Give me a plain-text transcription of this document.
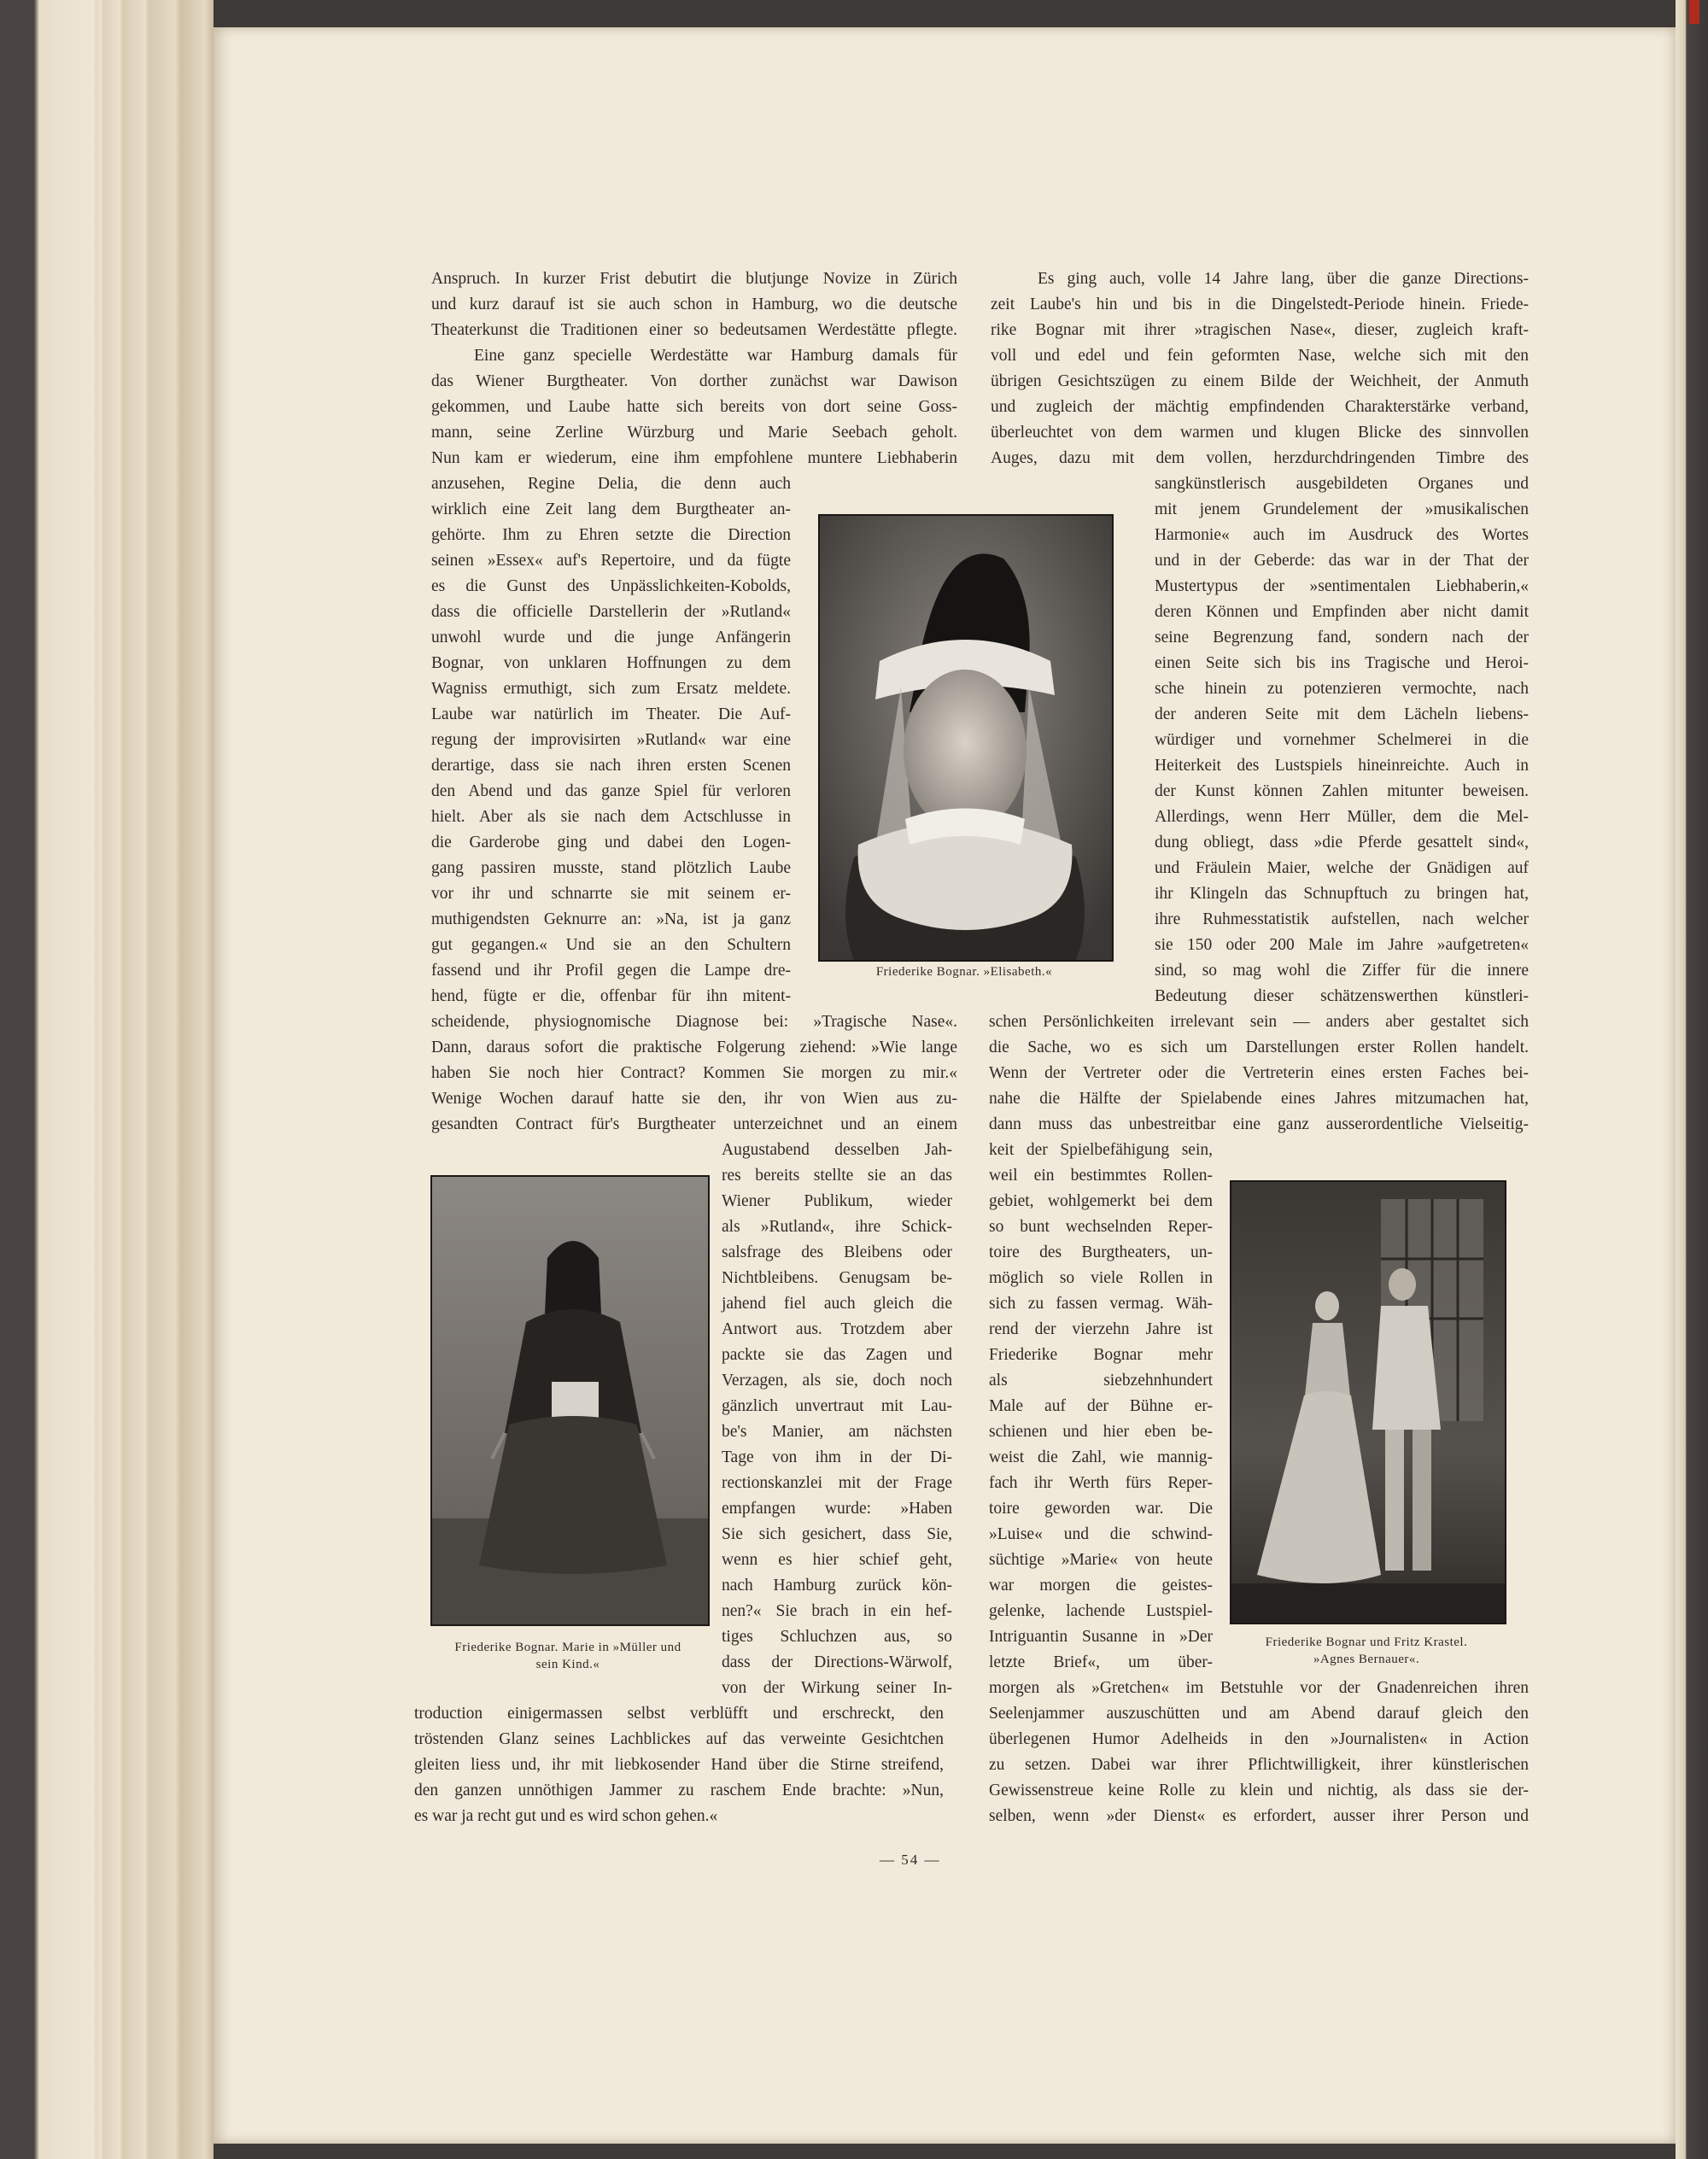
Friederike Bognar. »Elisabeth.«
Friederike Bognar. Marie in »Müller und
sein Kind.«
Friederike Bognar und Fritz Krastel.
»Agnes Bernauer«.
Anspruch. In kurzer Frist debutirt die blutjunge Novize in Zürich
und kurz darauf ist sie auch schon in Hamburg, wo die deutsche
Theaterkunst die Traditionen einer so bedeutsamen Werdestätte pflegte.
Eine ganz specielle Werdestätte war Hamburg damals für
das Wiener Burgtheater. Von dorther zunächst war Dawison
gekommen, und Laube hatte sich bereits von dort seine Goss-
mann, seine Zerline Würzburg und Marie Seebach geholt.
Nun kam er wiederum, eine ihm empfohlene muntere Liebhaberin
anzusehen, Regine Delia, die denn auch
wirklich eine Zeit lang dem Burgtheater an-
gehörte. Ihm zu Ehren setzte die Direction
seinen »Essex« auf's Repertoire, und da fügte
es die Gunst des Unpässlichkeiten-Kobolds,
dass die officielle Darstellerin der »Rutland«
unwohl wurde und die junge Anfängerin
Bognar, von unklaren Hoffnungen zu dem
Wagniss ermuthigt, sich zum Ersatz meldete.
Laube war natürlich im Theater. Die Auf-
regung der improvisirten »Rutland« war eine
derartige, dass sie nach ihren ersten Scenen
den Abend und das ganze Spiel für verloren
hielt. Aber als sie nach dem Actschlusse in
die Garderobe ging und dabei den Logen-
gang passiren musste, stand plötzlich Laube
vor ihr und schnarrte sie mit seinem er-
muthigendsten Geknurre an: »Na, ist ja ganz
gut gegangen.« Und sie an den Schultern
fassend und ihr Profil gegen die Lampe dre-
hend, fügte er die, offenbar für ihn mitent-
scheidende, physiognomische Diagnose bei: »Tragische Nase«.
Dann, daraus sofort die praktische Folgerung ziehend: »Wie lange
haben Sie noch hier Contract? Kommen Sie morgen zu mir.«
Wenige Wochen darauf hatte sie den, ihr von Wien aus zu-
gesandten Contract für's Burgtheater unterzeichnet und an einem
Augustabend desselben Jah-
res bereits stellte sie an das
Wiener Publikum, wieder
als »Rutland«, ihre Schick-
salsfrage des Bleibens oder
Nichtbleibens. Genugsam be-
jahend fiel auch gleich die
Antwort aus. Trotzdem aber
packte sie das Zagen und
Verzagen, als sie, doch noch
gänzlich unvertraut mit Lau-
be's Manier, am nächsten
Tage von ihm in der Di-
rectionskanzlei mit der Frage
empfangen wurde: »Haben
Sie sich gesichert, dass Sie,
wenn es hier schief geht,
nach Hamburg zurück kön-
nen?« Sie brach in ein hef-
tiges Schluchzen aus, so
dass der Directions-Wärwolf,
von der Wirkung seiner In-
troduction einigermassen selbst verblüfft und erschreckt, den
tröstenden Glanz seines Lachblickes auf das verweinte Gesichtchen
gleiten liess und, ihr mit liebkosender Hand über die Stirne streifend,
den ganzen unnöthigen Jammer zu raschem Ende brachte: »Nun,
es war ja recht gut und es wird schon gehen.«
Es ging auch, volle 14 Jahre lang, über die ganze Directions-
zeit Laube's hin und bis in die Dingelstedt-Periode hinein. Friede-
rike Bognar mit ihrer »tragischen Nase«, dieser, zugleich kraft-
voll und edel und fein geformten Nase, welche sich mit den
übrigen Gesichtszügen zu einem Bilde der Weichheit, der Anmuth
und zugleich der mächtig empfindenden Charakterstärke verband,
überleuchtet von dem warmen und klugen Blicke des sinnvollen
Auges, dazu mit dem vollen, herzdurchdringenden Timbre des
sangkünstlerisch ausgebildeten Organes und
mit jenem Grundelement der »musikalischen
Harmonie« auch im Ausdruck des Wortes
und in der Geberde: das war in der That der
Mustertypus der »sentimentalen Liebhaberin,«
deren Können und Empfinden aber nicht damit
seine Begrenzung fand, sondern nach der
einen Seite sich bis ins Tragische und Heroi-
sche hinein zu potenzieren vermochte, nach
der anderen Seite mit dem Lächeln liebens-
würdiger und vornehmer Schelmerei in die
Heiterkeit des Lustspiels hineinreichte. Auch in
der Kunst können Zahlen mitunter beweisen.
Allerdings, wenn Herr Müller, dem die Mel-
dung obliegt, dass »die Pferde gesattelt sind«,
und Fräulein Maier, welche der Gnädigen auf
ihr Klingeln das Schnupftuch zu bringen hat,
ihre Ruhmesstatistik aufstellen, nach welcher
sie 150 oder 200 Male im Jahre »aufgetreten«
sind, so mag wohl die Ziffer für die innere
Bedeutung dieser schätzenswerthen künstleri-
schen Persönlichkeiten irrelevant sein — anders aber gestaltet sich
die Sache, wo es sich um Darstellungen erster Rollen handelt.
Wenn der Vertreter oder die Vertreterin eines ersten Faches bei-
nahe die Hälfte der Spielabende eines Jahres mitzumachen hat,
dann muss das unbestreitbar eine ganz ausserordentliche Vielseitig-
keit der Spielbefähigung sein,
weil ein bestimmtes Rollen-
gebiet, wohlgemerkt bei dem
so bunt wechselnden Reper-
toire des Burgtheaters, un-
möglich so viele Rollen in
sich zu fassen vermag. Wäh-
rend der vierzehn Jahre ist
Friederike Bognar mehr
als siebzehnhundert
Male auf der Bühne er-
schienen und hier eben be-
weist die Zahl, wie mannig-
fach ihr Werth fürs Reper-
toire geworden war. Die
»Luise« und die schwind-
süchtige »Marie« von heute
war morgen die geistes-
gelenke, lachende Lustspiel-
Intriguantin Susanne in »Der
letzte Brief«, um über-
morgen als »Gretchen« im Betstuhle vor der Gnadenreichen ihren
Seelenjammer auszuschütten und am Abend darauf gleich den
überlegenen Humor Adelheids in den »Journalisten« in Action
zu setzen. Dabei war ihrer Pflichtwilligkeit, ihrer künstlerischen
Gewissenstreue keine Rolle zu klein und nichtig, als dass sie der-
selben, wenn »der Dienst« es erfordert, ausser ihrer Person und
— 54 —
